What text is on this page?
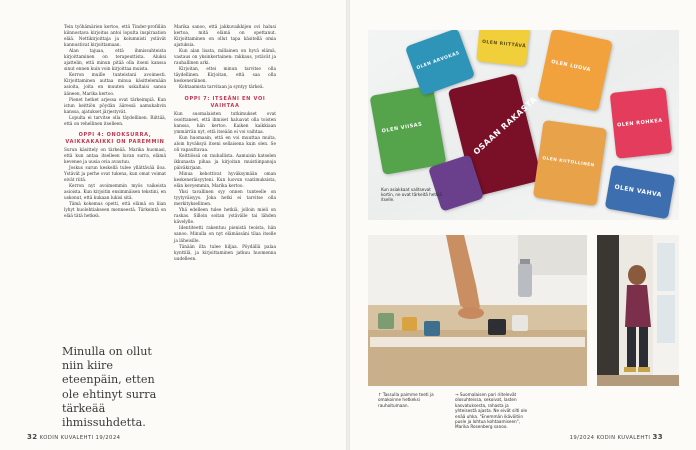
Tein työhämärien kertoo, että Tinder-profiiliin kiinnostava kirjoitus antoi lopulta inspiraation elää. Nettikirjoittaja ja kolumnisti ystävät kannustivat kirjoittamaan.

Alan tajuaa, että ihmissuhteista kirjoittaminen on terapeuttista. Aluksi ajattelin, että minun pitää olla itseni kanssa sinut ennen kuin voin kirjoittaa muista.

Kerron muille tunteistani avoimesti. Kirjoittaminen auttaa minua käsittelemään asioita, joita en muuten uskaltaisi sanoa ääneen, Marika kertoo.

Pienet hetket arjessa ovat tärkeimpiä. Kun istun keittiön pöydän ääressä aamukahvin kanssa, ajatukset järjestyvät.

Lopulta ei tarvitse olla täydellinen. Riittää, että on rehellinen itselleen.

OPPI 4: ONOKSURRA, VAIKKAKAIKKI ON PAREMMIN

Surun käsittely on tärkeää. Marika huomasi, että kun antaa itselleen luvan surra, elämä kevenee ja uusia ovia avautuu.

Joskus surun keskellä tulee yllättävää iloa. Ystävät ja perhe ovat tukena, kun omat voimat eivät riitä.

Kerron nyt avoimemmin myös vaikeista asioista. Kun kirjoitin ensimmäisen tekstini, en uskonut, että kukaan lukisi sitä.

Tämä kokemus opetti, että elämä on liian lyhyt huolehtiakseen menneestä. Tärkeintä on elää tätä hetkeä.

Marika sanoo, että jakkuvaikkijen ovi halusi kertoa, mitä elämä on opettanut. Kirjoittaminen on ollut tapa käsitellä omia ajatuksia.

Kun alan lisata, millainen on hyvä elämä, vastaus on yksinkertainen: rakkaus, ystävät ja rauhallinen arki.

Kirjoitan, ettei minun tarvitse olla täydellinen. Kirjoitan, että saa olla keskeneräinen.

Kohtaamista tarvitaan ja syntyy tärkeä.

OPPI 7: ITSEÄNI EN VOI VAIHTAA

Kun suomalaisten tutkimukset ovat osoittaneet, että ihmiset haluavat olla toisten kanssa, hän kertoo. Kaiken kaikkiaan ymmärrän nyt, että itseään ei voi vaihtaa.

Kun huomasin, että en voi muuttaa muita, aloin hyväksyä itseni sellaisena kuin olen. Se oli vapauttavaa.

Keittiössä on rauhallista. Aamuisin katselen ikkunasta pihaa ja kirjoitan muistiinpanoja päiväkirjaan.

Minua kehottivat hyväksymään oman keskeneräisyyteni. Kun luovun vaatimuksista, elän kevyemmin, Marika kertoo.

Yksi tavallinen syy onnen tunteelle on tyytyväisyys. Joka hetki ei tarvitse olla merkityksellinen.

Yhä edelleen tulee hetkiä, jolloin mieli on raskas. Silloin soitan ystävälle tai lähden kävelylle.

Identiteetti rakentuu pienistä teoista, hän sanoo. Minulla on nyt elämässäni tilaa itselle ja läheisille.

Tänään ilta tulee hiljaa. Pöydällä palaa kynttilä, ja kirjoittaminen jatkuu huomenna uudelleen.

Minulla on ollut niin kiire eteenpäin, etten ole ehtinyt surra tärkeää ihmissuhdetta.
32 KODIN KUVALEHTI 19/2024	19/2024 KODIN KUVALEHTI 33
OSAAN RAKASTA
OLEN VIISAS
OLEN LUOVA
OLEN KIITOLLINEN
OLEN ROHKEA
OLEN ARVOKAS
OLEN VAHVA
OLEN RIITTÄVÄ
Kun asiakkaat valitsevat kortin, ne ovat tärkeitä hetkiä itselle.
↑ Tassulla paimme teeti ja omakoinne hetkeksi rauhoitumaan.
→ Suomalaisen pari riitelevät olosuhteissa, sekoivat, lasten kasvatuksesta, rahasta ja yhteisestä ajasta. Ne eivät silti ole enää uhka. "Enemmän ikävöitiin pusle ja lohtua kohtaamiseen", Marika Rosenberg sanoo.
